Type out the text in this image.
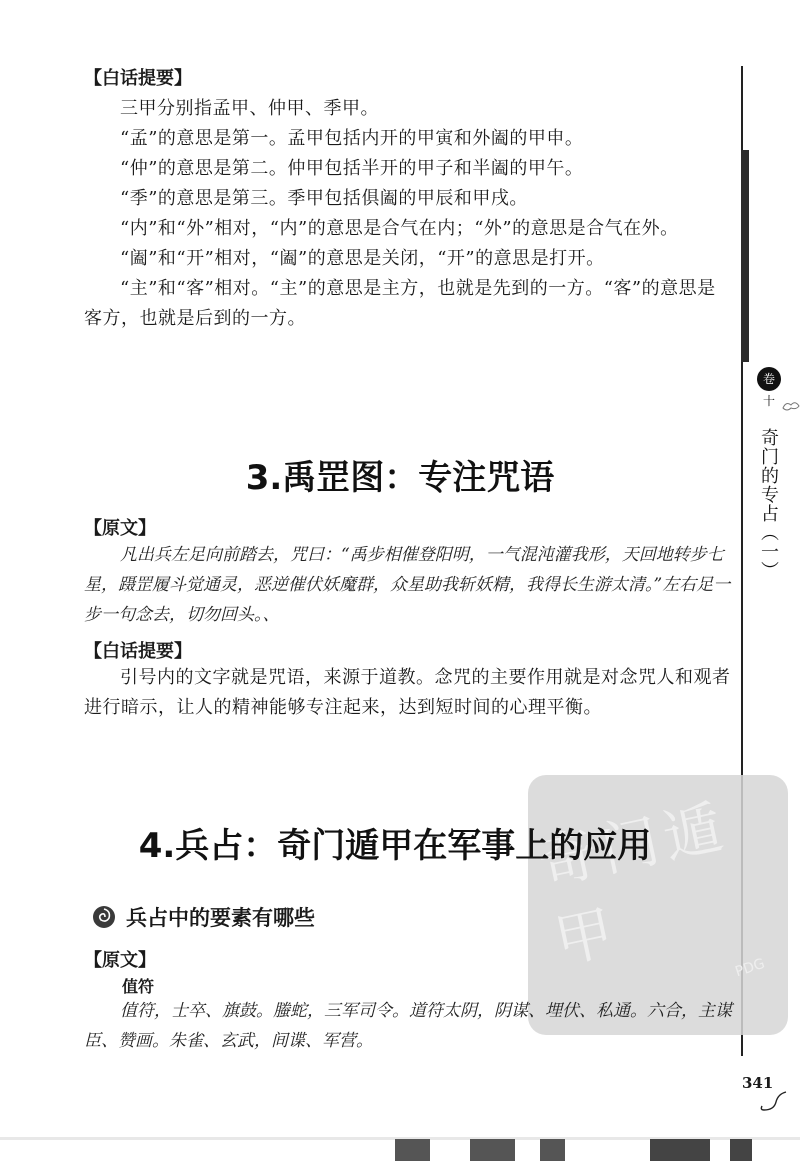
卷
十
奇门的专占（一）
【白话提要】
三甲分别指孟甲、仲甲、季甲。
“孟”的意思是第一。孟甲包括内开的甲寅和外阖的甲申。
“仲”的意思是第二。仲甲包括半开的甲子和半阖的甲午。
“季”的意思是第三。季甲包括俱阖的甲辰和甲戌。
“内”和“外”相对，“内”的意思是合气在内；“外”的意思是合气在外。
“阖”和“开”相对，“阖”的意思是关闭，“开”的意思是打开。
“主”和“客”相对。“主”的意思是主方，也就是先到的一方。“客”的意思是客方，也就是后到的一方。
3.禹罡图：专注咒语
【原文】
凡出兵左足向前踏去，咒曰：“禹步相催登阳明，一气混沌灌我形，天回地转步七星，蹑罡履斗觉通灵，恶逆催伏妖魔群，众星助我斩妖精，我得长生游太清。”左右足一步一句念去，切勿回头。、
【白话提要】
引号内的文字就是咒语，来源于道教。念咒的主要作用就是对念咒人和观者进行暗示，让人的精神能够专注起来，达到短时间的心理平衡。
奇门遁甲	PDG
4.兵占：奇门遁甲在军事上的应用
兵占中的要素有哪些
【原文】
值符
值符，士卒、旗鼓。螣蛇，三军司令。道符太阴，阴谋、埋伏、私通。六合，主谋臣、赞画。朱雀、玄武，间谍、军营。
341
